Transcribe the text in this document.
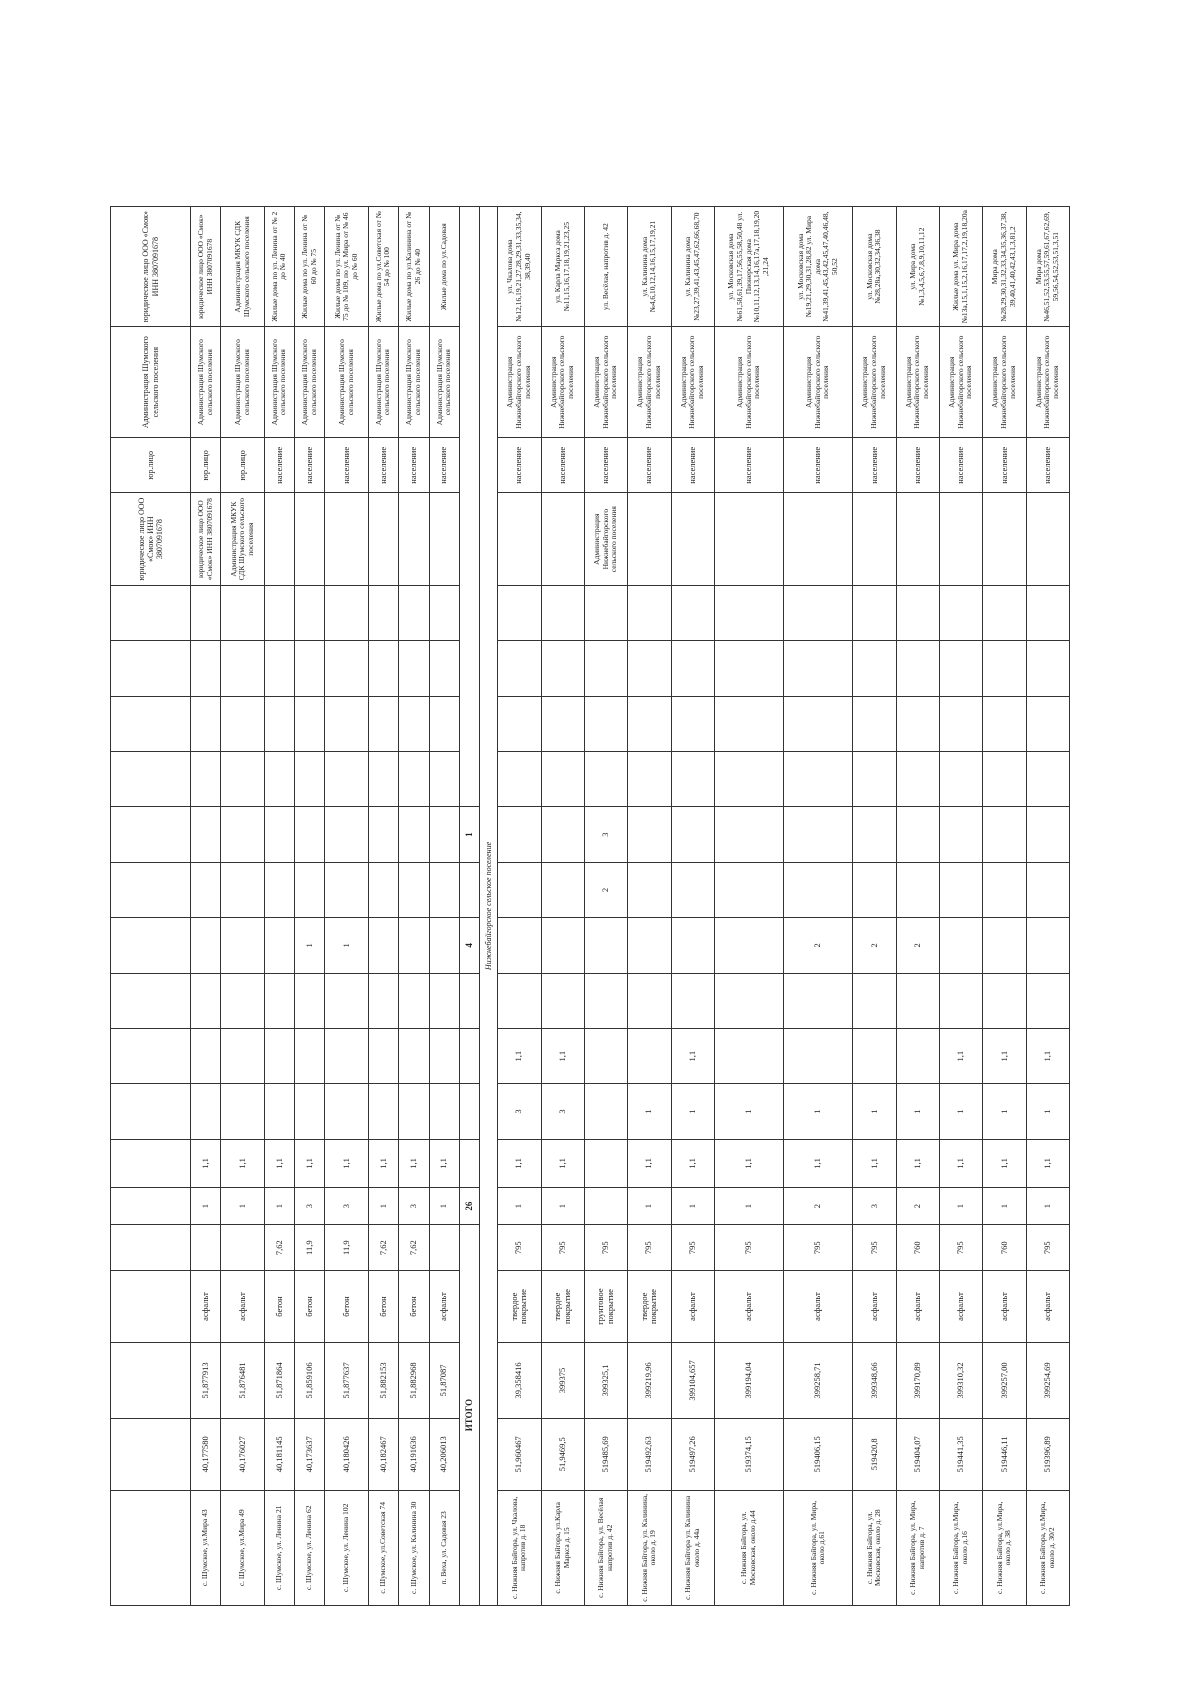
																	юридическое лицо ООО «Смок» ИНН 3807091678	юр.лицо	Администрация Шумского сельского поселения	юридическое лицо ООО «Смок» ИНН 3807091678
с. Шумское, ул.Мира 43	40,177580	51,877913	асфальт		1	1,1											юридическое лицо ООО «Смок» ИНН 3807091678	юр.лицо	Администрация Шумского сельского поселения	юридическое лицо ООО «Смок» ИНН 3807091678
с. Шумское, ул.Мира 49	40,176027	51,876481	асфальт		1	1,1											Администрация МКУК СДК Шумского сельского поселения	юр.лицо	Администрация Шумского сельского поселения	Администрация МКУК СДК Шумского сельского поселения
с. Шумское, ул. Ленина 21	40,181145	51,871864	бетон	7,62	1	1,1												население	Администрация Шумского сельского поселения	Жилые дома по ул. Ленина от № 2 до № 40
с. Шумское, ул. Ленина 62	40,173637	51,859106	бетон	11,9	3	1,1				1								население	Администрация Шумского сельского поселения	Жилые дома по ул. Ленина от № 60 до № 75
с. Шумское, ул. Ленина 102	40,180426	51,877637	бетон	11,9	3	1,1				1								население	Администрация Шумского сельского поселения	Жилые дома по ул. Ленина от № 75 до № 109, по ул. Мира от № 46 до № 60
с. Шумское, ул.Советская 74	40,182467	51,882153	бетон	7,62	1	1,1												население	Администрация Шумского сельского поселения	Жилые дома по ул.Советская от № 54 до № 100
с. Шумское, ул. Калинина 30	40,191636	51,882968	бетон	7,62	3	1,1												население	Администрация Шумского сельского поселения	Жилые дома по ул.Калинина от № 26 до № 40
п. Веха, ул. Садовая 23	40,206013	51,87087	асфальт		1	1,1												население	Администрация Шумского сельского поселения	Жилые дома по ул.Садовая
ИТОГО					26					4		1								
Нижнебайгорское сельское поселение																				
с. Нижняя Байгора, ул. Чкалова, напротив д. 18	51,960467	39,358416	твердое покрытие	795	1	1,1	3	1,1										население	Администрация Нижнебайгорского сельского поселения	ул. Чкалова дома №12,16,19,21,27,28,29,31,33,35,34,38,39,40
с. Нижняя Байгора, ул.Карла Маркса д. 15	51,9469,5	399375	твердое покрытие	795	1	1,1	3	1,1										население	Администрация Нижнебайгорского сельского поселения	ул. Карла Маркса дома №11,15,16,17,18,19,21,23,25
с. Нижняя Байгора, ул. Весёлая напротив д. 42	519485,69	399325,1	грунтовое покрытие	795							2	3					Администрация Нижнебайгорского сельского поселения	население	Администрация Нижнебайгорского сельского поселения	ул. Весёлая, напротив д. 42
с. Нижняя Байгора, ул. Калинина, около д. 19	519492,63	399219,96	твердое покрытие	795	1	1,1	1											население	Администрация Нижнебайгорского сельского поселения	ул. Калинина дома №4,6,10,12,14,16,15,17,19,21
с. Нижняя Байгора ул. Калинина около д. 44а	519497,26	399104,657	асфальт	795	1	1,1	1	1,1										население	Администрация Нижнебайгорского сельского поселения	ул. Калинина дома №23,27,39,41,43,45,47,62,66,68,70
с. Нижняя Байгора, ул. Московская, около д.44	519374,15	399194,04	асфальт	795	1	1,1	1											население	Администрация Нижнебайгорского сельского поселения	ул. Московская дома №61,58,61,39,17,56,55,58,50,48 ул. Пионерская дома №10,11,12,13,14,16,17а,17,18,19,20,21,24
с. Нижняя Байгора, ул. Мира, около д.61	519406,15	399258,71	асфальт	795	2	1,1	1			2								население	Администрация Нижнебайгорского сельского поселения	ул. Московская дома №19,21,29,30,31,28,82 ул. Мира дома №41,39,41,45,43,42,45,47,40,46,48,50,52
с. Нижняя Байгора, ул. Московская, около д. 28	519420,8	399348,66	асфальт	795	3	1,1	1			2								население	Администрация Нижнебайгорского сельского поселения	ул. Московская дома №28,28а,30,32,34,36,38
с. Нижняя Байгора, ул. Мира, напротив д. 7	519404,07	399170,89	асфальт	760	2	1,1	1			2								население	Администрация Нижнебайгорского сельского поселения	ул. Мира дома №1,3,4,5,6,7,8,9,10,11,12
с. Нижняя Байгора, ул.Мира, около д.16	519441,35	399310,32	асфальт	795	1	1,1	1	1,1										население	Администрация Нижнебайгорского сельского поселения	Жилые дома ул. Мира дома №13а,15,1,15,2,16,17,17,2,19,18,20а
с. Нижняя Байгора, ул.Мира, около д. 38	519446,11	399257,00	асфальт	760	1	1,1	1	1,1										население	Администрация Нижнебайгорского сельского поселения	Мира дома №28,29,30,31,32,33,34,35,36,37,38,39,40,41,40,42,43,1,3,81,2
с. Нижняя Байгора, ул.Мира, около д. 30/2	519396,89	399254,69	асфальт	795	1	1,1	1	1,1										население	Администрация Нижнебайгорского сельского поселения	Мира дома №46,51,52,53,55,57,59,61,67,62,69,59,56,54,52,53,51,3,51
